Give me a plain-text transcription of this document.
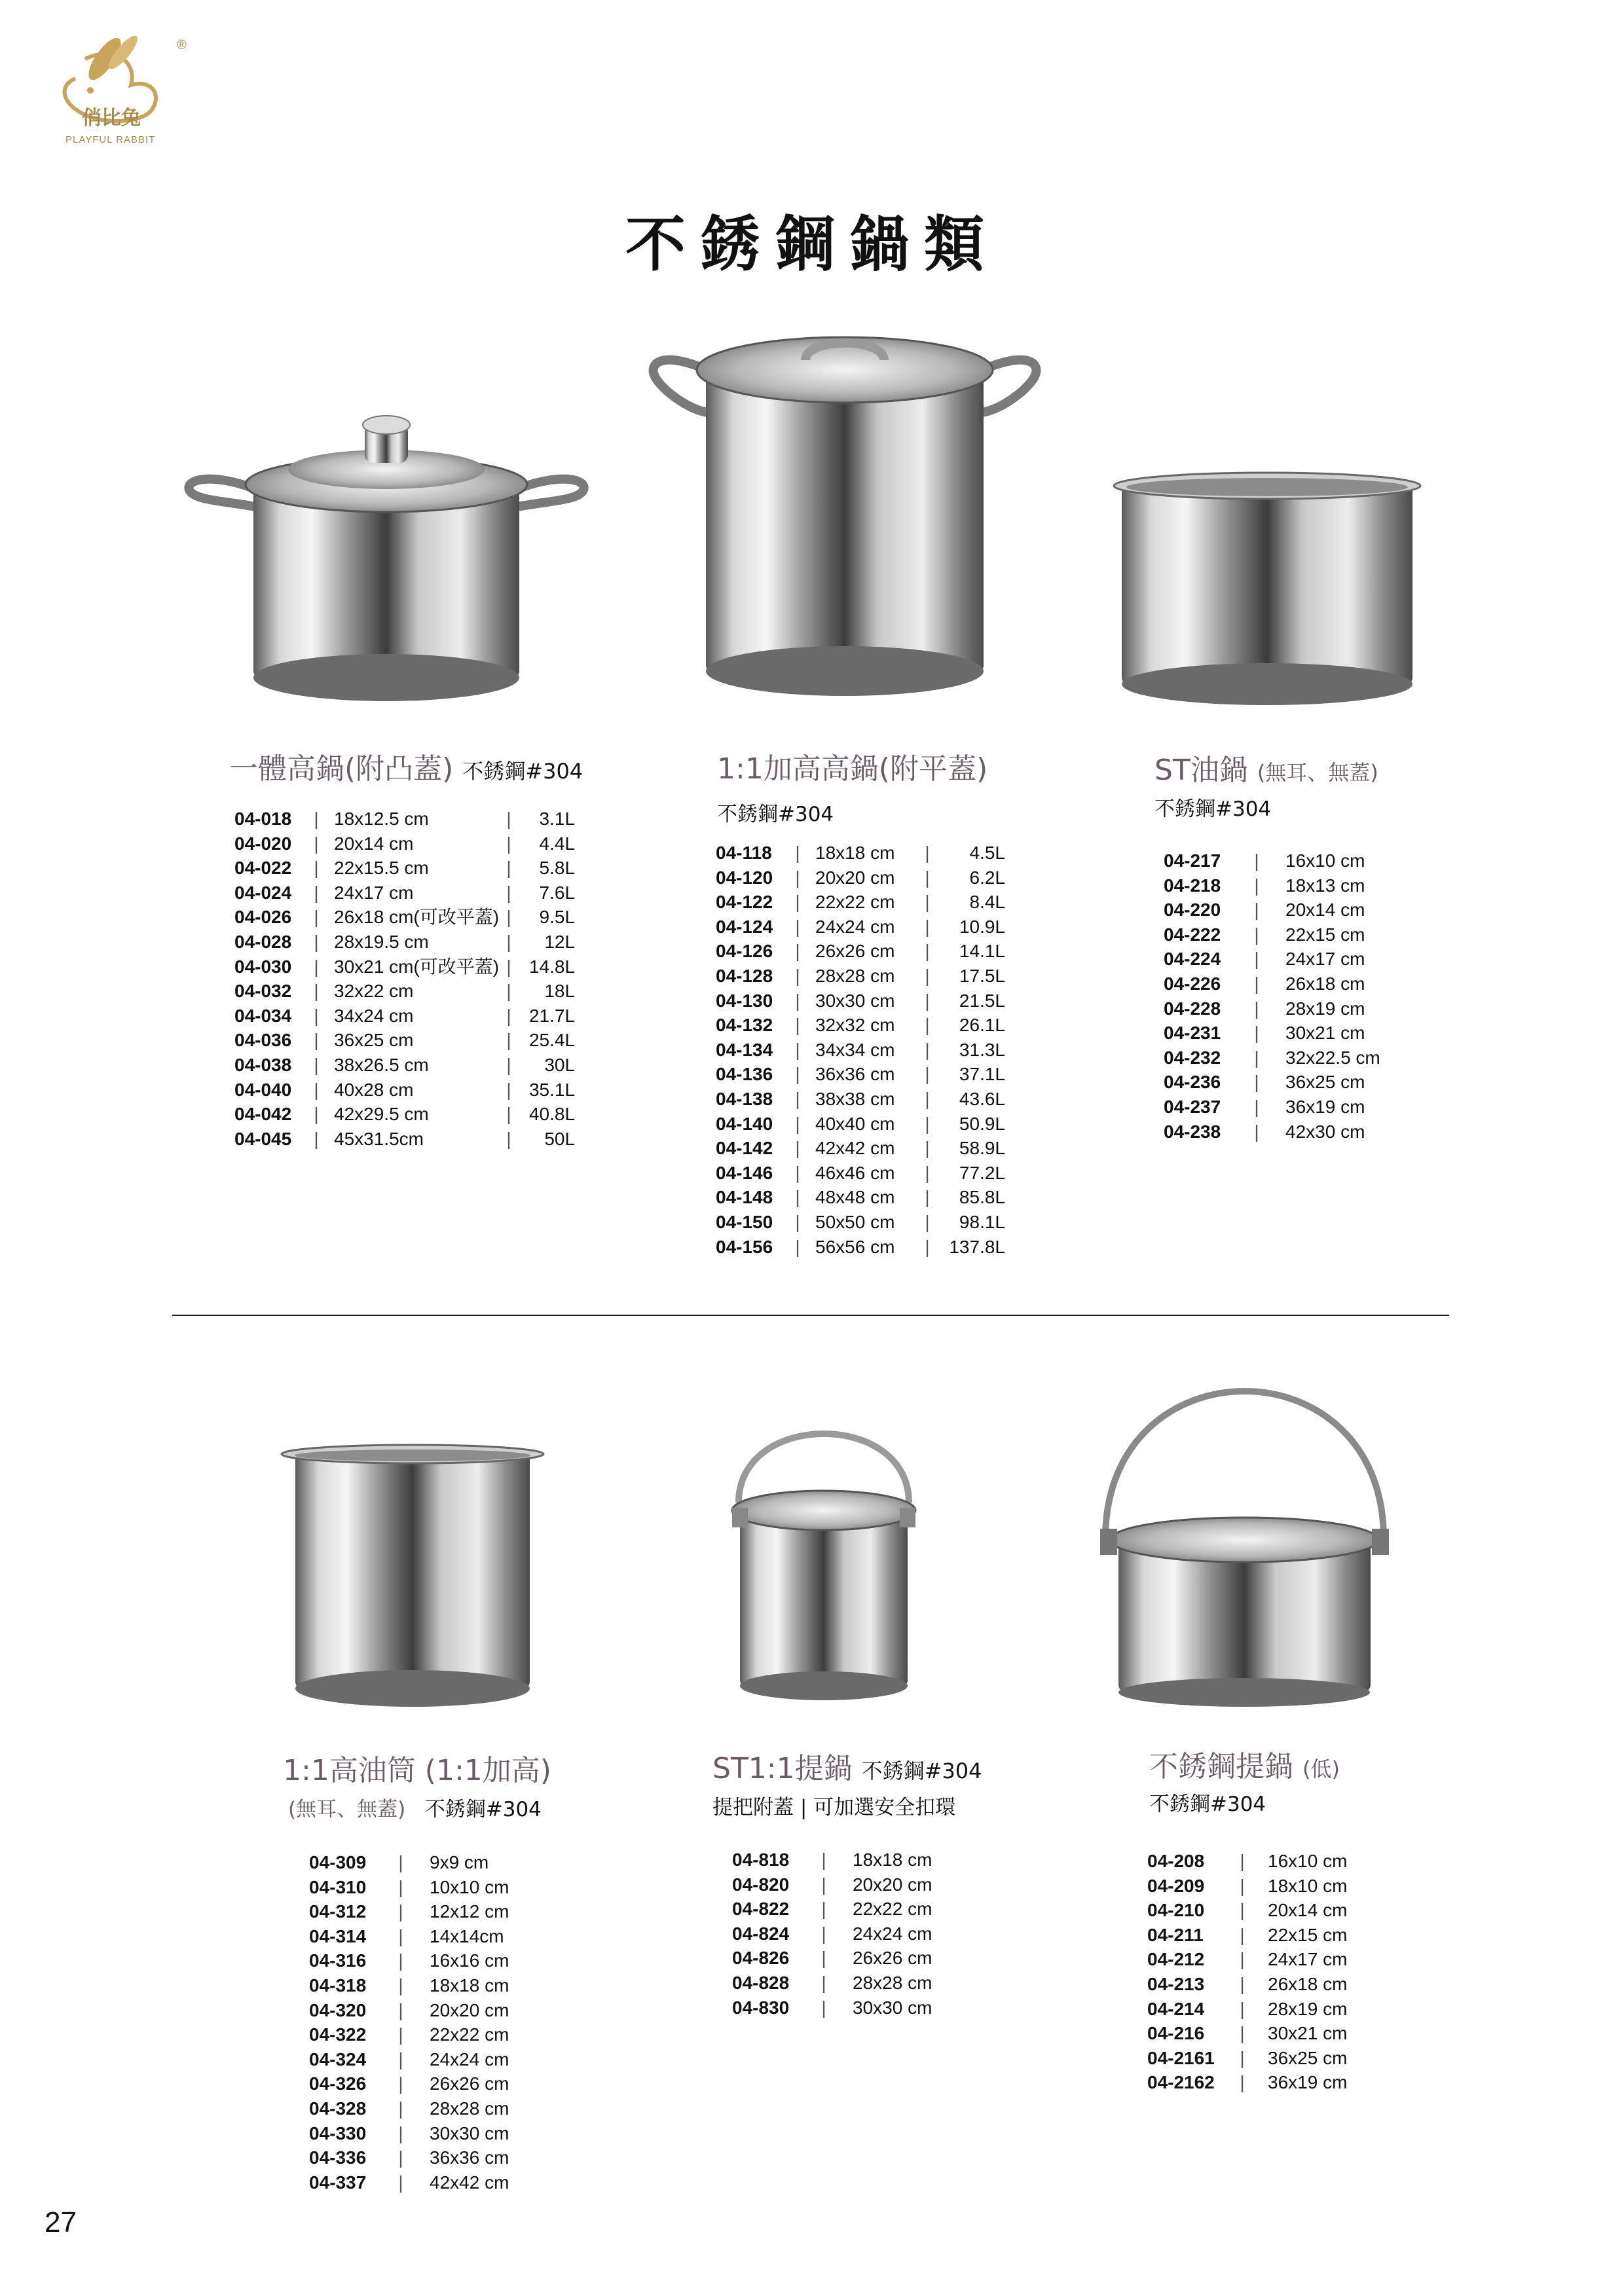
®
俏比兔
PLAYFUL RABBIT
不銹鋼鍋類
一體高鍋(附凸蓋) 不銹鋼#304	1:1加高高鍋(附平蓋)
不銹鋼#304
ST油鍋 (無耳、無蓋)
不銹鋼#304
04-018	|	18x12.5 cm	|	3.1L
04-020	|	20x14 cm	|	4.4L
04-022	|	22x15.5 cm	|	5.8L
04-024	|	24x17 cm	|	7.6L
04-026	|	26x18 cm(可改平蓋)	|	9.5L
04-028	|	28x19.5 cm	|	12L
04-030	|	30x21 cm(可改平蓋)	|	14.8L
04-032	|	32x22 cm	|	18L
04-034	|	34x24 cm	|	21.7L
04-036	|	36x25 cm	|	25.4L
04-038	|	38x26.5 cm	|	30L
04-040	|	40x28 cm	|	35.1L
04-042	|	42x29.5 cm	|	40.8L
04-045	|	45x31.5cm	|	50L
04-118	|	18x18 cm	|	4.5L
04-120	|	20x20 cm	|	6.2L
04-122	|	22x22 cm	|	8.4L
04-124	|	24x24 cm	|	10.9L
04-126	|	26x26 cm	|	14.1L
04-128	|	28x28 cm	|	17.5L
04-130	|	30x30 cm	|	21.5L
04-132	|	32x32 cm	|	26.1L
04-134	|	34x34 cm	|	31.3L
04-136	|	36x36 cm	|	37.1L
04-138	|	38x38 cm	|	43.6L
04-140	|	40x40 cm	|	50.9L
04-142	|	42x42 cm	|	58.9L
04-146	|	46x46 cm	|	77.2L
04-148	|	48x48 cm	|	85.8L
04-150	|	50x50 cm	|	98.1L
04-156	|	56x56 cm	|	137.8L
04-217	|	16x10 cm
04-218	|	18x13 cm
04-220	|	20x14 cm
04-222	|	22x15 cm
04-224	|	24x17 cm
04-226	|	26x18 cm
04-228	|	28x19 cm
04-231	|	30x21 cm
04-232	|	32x22.5 cm
04-236	|	36x25 cm
04-237	|	36x19 cm
04-238	|	42x30 cm
1:1高油筒 (1:1加高)
(無耳、無蓋) 不銹鋼#304
ST1:1提鍋 不銹鋼#304
提把附蓋 | 可加選安全扣環
不銹鋼提鍋 (低)
不銹鋼#304
04-309	|	9x9 cm
04-310	|	10x10 cm
04-312	|	12x12 cm
04-314	|	14x14cm
04-316	|	16x16 cm
04-318	|	18x18 cm
04-320	|	20x20 cm
04-322	|	22x22 cm
04-324	|	24x24 cm
04-326	|	26x26 cm
04-328	|	28x28 cm
04-330	|	30x30 cm
04-336	|	36x36 cm
04-337	|	42x42 cm
04-818	|	18x18 cm
04-820	|	20x20 cm
04-822	|	22x22 cm
04-824	|	24x24 cm
04-826	|	26x26 cm
04-828	|	28x28 cm
04-830	|	30x30 cm
04-208	|	16x10 cm
04-209	|	18x10 cm
04-210	|	20x14 cm
04-211	|	22x15 cm
04-212	|	24x17 cm
04-213	|	26x18 cm
04-214	|	28x19 cm
04-216	|	30x21 cm
04-2161	|	36x25 cm
04-2162	|	36x19 cm
27
